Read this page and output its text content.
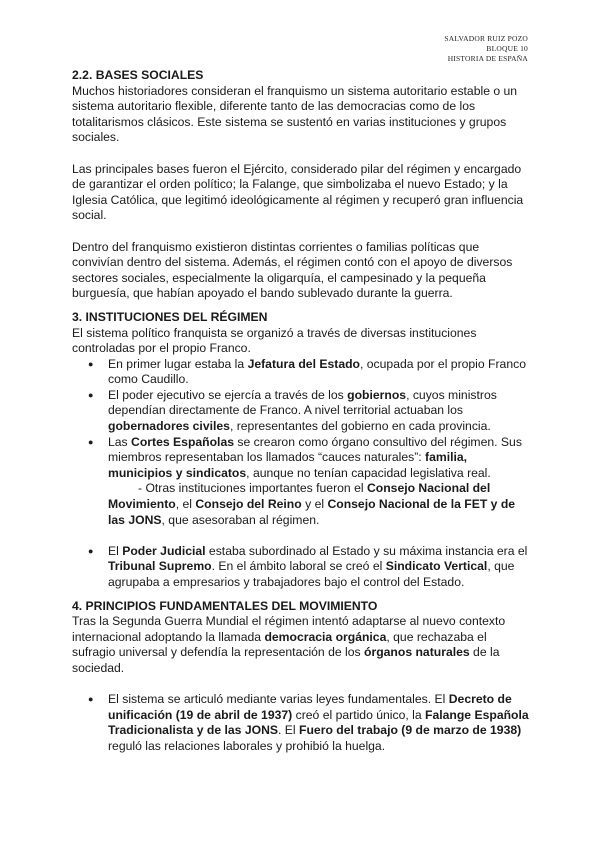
SALVADOR RUIZ POZO
BLOQUE 10
HISTORIA DE ESPAÑA
2.2. BASES SOCIALES

Muchos historiadores consideran el franquismo un sistema autoritario estable o un sistema autoritario flexible, diferente tanto de las democracias como de los totalitarismos clásicos. Este sistema se sustentó en varias instituciones y grupos sociales.

Las principales bases fueron el Ejército, considerado pilar del régimen y encargado de garantizar el orden político; la Falange, que simbolizaba el nuevo Estado; y la Iglesia Católica, que legitimó ideológicamente al régimen y recuperó gran influencia social.

Dentro del franquismo existieron distintas corrientes o familias políticas que convivían dentro del sistema. Además, el régimen contó con el apoyo de diversos sectores sociales, especialmente la oligarquía, el campesinado y la pequeña burguesía, que habían apoyado el bando sublevado durante la guerra.

3. INSTITUCIONES DEL RÉGIMEN

El sistema político franquista se organizó a través de diversas instituciones controladas por el propio Franco.

● En primer lugar estaba la Jefatura del Estado, ocupada por el propio Franco como Caudillo.
● El poder ejecutivo se ejercía a través de los gobiernos, cuyos ministros dependían directamente de Franco. A nivel territorial actuaban los gobernadores civiles, representantes del gobierno en cada provincia.
● Las Cortes Españolas se crearon como órgano consultivo del régimen. Sus miembros representaban los llamados “cauces naturales”: familia, municipios y sindicatos, aunque no tenían capacidad legislativa real.

- Otras instituciones importantes fueron el Consejo Nacional del Movimiento, el Consejo del Reino y el Consejo Nacional de la FET y de las JONS, que asesoraban al régimen.

● El Poder Judicial estaba subordinado al Estado y su máxima instancia era el Tribunal Supremo. En el ámbito laboral se creó el Sindicato Vertical, que agrupaba a empresarios y trabajadores bajo el control del Estado.
4. PRINCIPIOS FUNDAMENTALES DEL MOVIMIENTO

Tras la Segunda Guerra Mundial el régimen intentó adaptarse al nuevo contexto internacional adoptando la llamada democracia orgánica, que rechazaba el sufragio universal y defendía la representación de los órganos naturales de la sociedad.

● El sistema se articuló mediante varias leyes fundamentales. El Decreto de unificación (19 de abril de 1937) creó el partido único, la Falange Española Tradicionalista y de las JONS. El Fuero del trabajo (9 de marzo de 1938) reguló las relaciones laborales y prohibió la huelga.
